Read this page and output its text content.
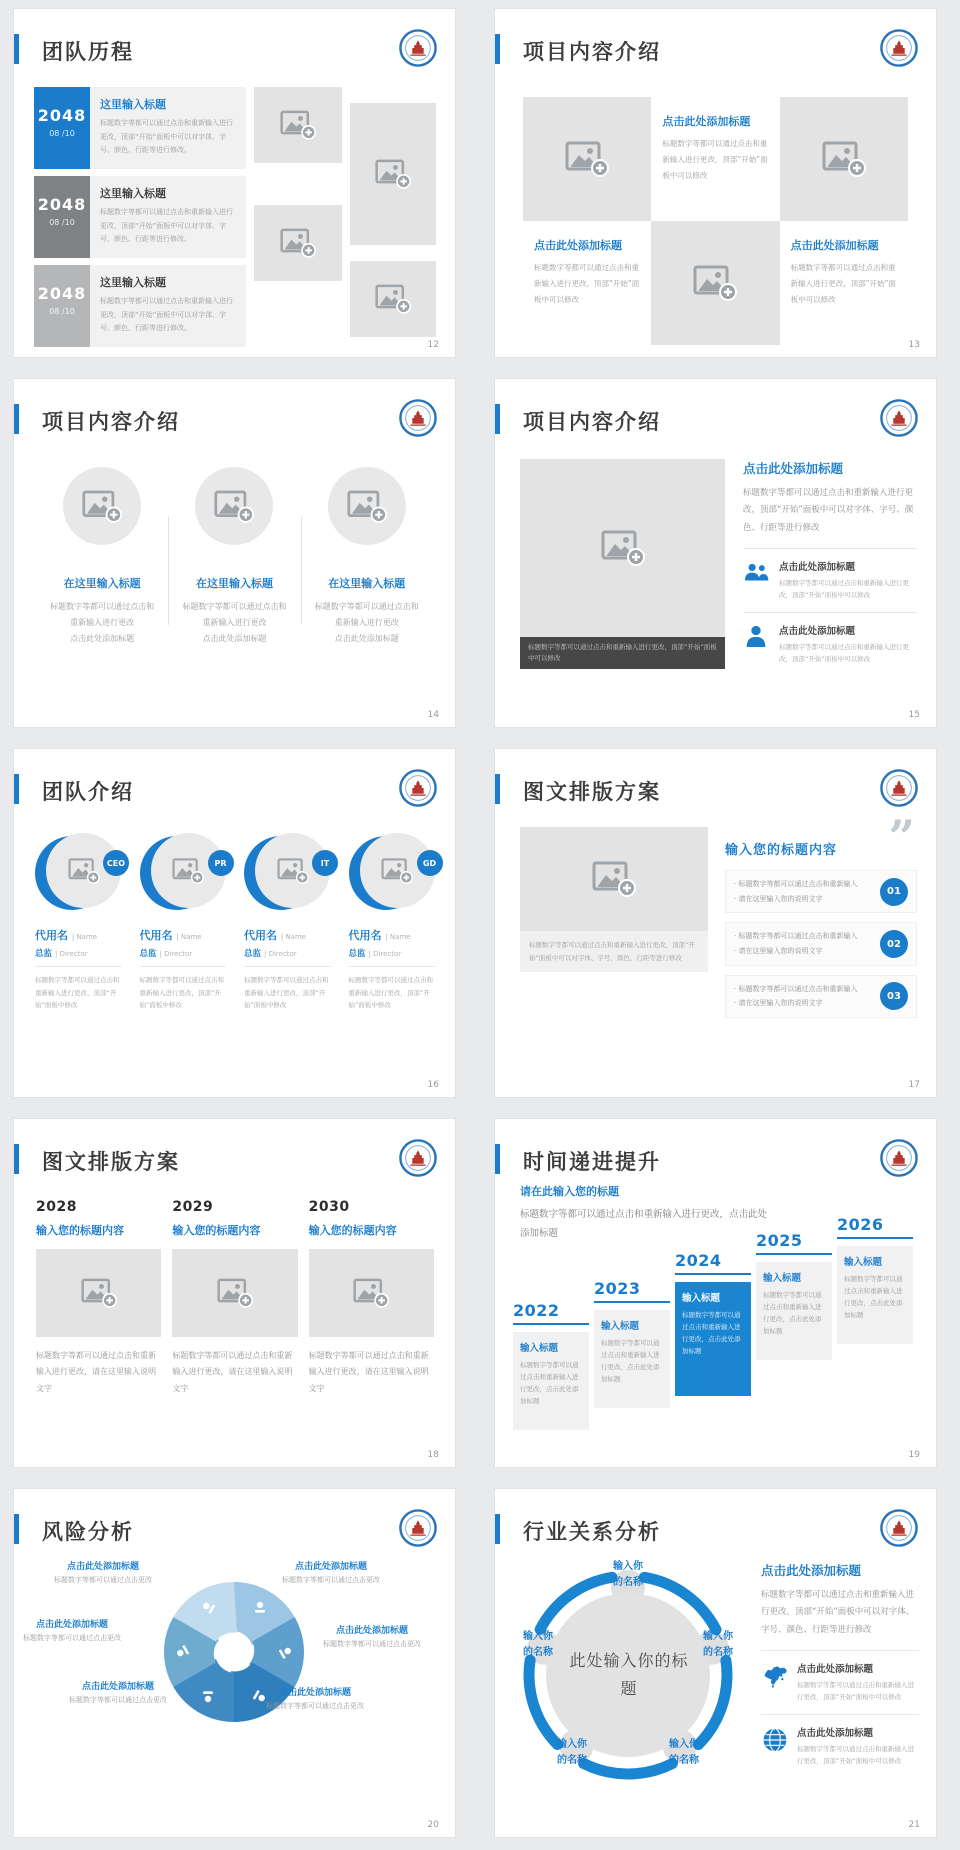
团队历程
2048
08 /10
这里输入标题

标题数字等都可以通过点击和重新输入进行更改，顶部“开始”面板中可以对字体、字号、颜色、行距等进行修改。

2048
08 /10
这里输入标题

标题数字等都可以通过点击和重新输入进行更改，顶部“开始”面板中可以对字体、字号、颜色、行距等进行修改。

2048
08 /10
这里输入标题

标题数字等都可以通过点击和重新输入进行更改，顶部“开始”面板中可以对字体、字号、颜色、行距等进行修改。

12
项目内容介绍
点击此处添加标题

标题数字等都可以通过点击和重新输入进行更改，顶部“开始”面板中可以修改

点击此处添加标题

标题数字等都可以通过点击和重新输入进行更改，顶部“开始”面板中可以修改

点击此处添加标题

标题数字等都可以通过点击和重新输入进行更改，顶部“开始”面板中可以修改

13
项目内容介绍
在这里输入标题

标题数字等都可以通过点击和重新输入进行更改
点击此处添加标题

在这里输入标题

标题数字等都可以通过点击和重新输入进行更改
点击此处添加标题

在这里输入标题

标题数字等都可以通过点击和重新输入进行更改
点击此处添加标题

14
项目内容介绍
标题数字等都可以通过点击和重新输入进行更改，顶部“开始”面板中可以修改
点击此处添加标题

标题数字等都可以通过点击和重新输入进行更改，顶部“开始”面板中可以对字体、字号、颜色、行距等进行修改

点击此处添加标题

标题数字等都可以通过点击和重新输入进行更改，顶部“开始”面板中可以修改

点击此处添加标题

标题数字等都可以通过点击和重新输入进行更改，顶部“开始”面板中可以修改

15
团队介绍
CEO
代用名 | Name
总监 | Director

标题数字等都可以通过点击和重新输入进行更改，顶部“开始”面板中修改

PR
代用名 | Name
总监 | Director

标题数字等都可以通过点击和重新输入进行更改，顶部“开始”面板中修改

IT
代用名 | Name
总监 | Director

标题数字等都可以通过点击和重新输入进行更改，顶部“开始”面板中修改

GD
代用名 | Name
总监 | Director

标题数字等都可以通过点击和重新输入进行更改，顶部“开始”面板中修改

16
图文排版方案
标题数字等都可以通过点击和重新输入进行更改，顶部“开始”面板中可以对字体、字号、颜色、行距等进行修改
”
输入您的标题内容
· 标题数字等都可以通过点击和重新输入
· 请在这里输入您的说明文字
01
· 标题数字等都可以通过点击和重新输入
· 请在这里输入您的说明文字
02
· 标题数字等都可以通过点击和重新输入
· 请在这里输入您的说明文字
03
17
图文排版方案
2028
输入您的标题内容

标题数字等都可以通过点击和重新输入进行更改，请在这里输入说明文字

2029
输入您的标题内容

标题数字等都可以通过点击和重新输入进行更改，请在这里输入说明文字

2030
输入您的标题内容

标题数字等都可以通过点击和重新输入进行更改，请在这里输入说明文字

18
时间递进提升
请在此输入您的标题

标题数字等都可以通过点击和重新输入进行更改，点击此处添加标题

2022
输入标题

标题数字等都可以通过点击和重新输入进行更改，点击此处添加标题

2023
输入标题

标题数字等都可以通过点击和重新输入进行更改，点击此处添加标题

2024
输入标题

标题数字等都可以通过点击和重新输入进行更改，点击此处添加标题

2025
输入标题

标题数字等都可以通过点击和重新输入进行更改，点击此处添加标题

2026
输入标题

标题数字等都可以通过点击和重新输入进行更改，点击此处添加标题

19
风险分析
点击此处添加标题

标题数字等都可以通过点击更改

点击此处添加标题

标题数字等都可以通过点击更改

点击此处添加标题

标题数字等都可以通过点击更改

点击此处添加标题

标题数字等都可以通过点击更改

点击此处添加标题

标题数字等都可以通过点击更改

点击此处添加标题

标题数字等都可以通过点击更改

20
行业关系分析
输入你的名称
输入你的名称
输入你的名称
输入你的名称
输入你的名称
此处输入你的标题
点击此处添加标题

标题数字等都可以通过点击和重新输入进行更改，顶部“开始”面板中可以对字体、字号、颜色、行距等进行修改

点击此处添加标题

标题数字等都可以通过点击和重新输入进行更改，顶部“开始”面板中可以修改

点击此处添加标题

标题数字等都可以通过点击和重新输入进行更改，顶部“开始”面板中可以修改

21
